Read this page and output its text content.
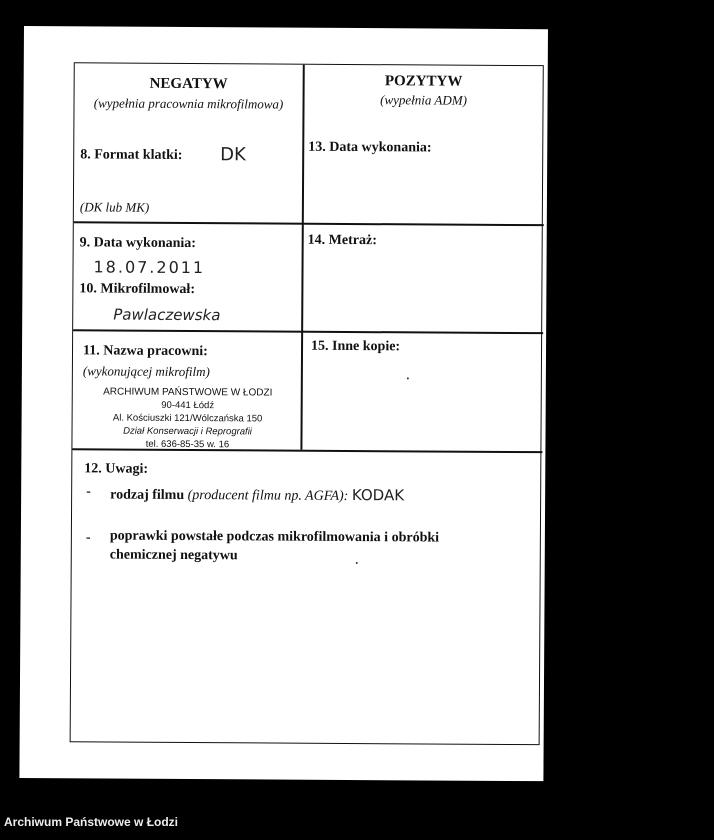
NEGATYW
(wypełnia pracownia mikrofilmowa)
POZYTYW
(wypełnia ADM)
8. Format klatki: DK
(DK lub MK)
13. Data wykonania:
9. Data wykonania:
18.07.2011
10. Mikrofilmował:
Pawlaczewska
14. Metraż:
11. Nazwa pracowni:
(wykonującej mikrofilm)
ARCHIWUM PAŃSTWOWE W ŁODZI
90-441 Łódź
Al. Kościuszki 121/Wólczańska 150
Dział Konserwacji i Reprografii
tel. 636-85-35 w. 16
15. Inne kopie:
12. Uwagi:
- rodzaj filmu (producent filmu np. AGFA): KODAK
- poprawki powstałe podczas mikrofilmowania i obróbki
chemicznej negatywu
Archiwum Państwowe w Łodzi
